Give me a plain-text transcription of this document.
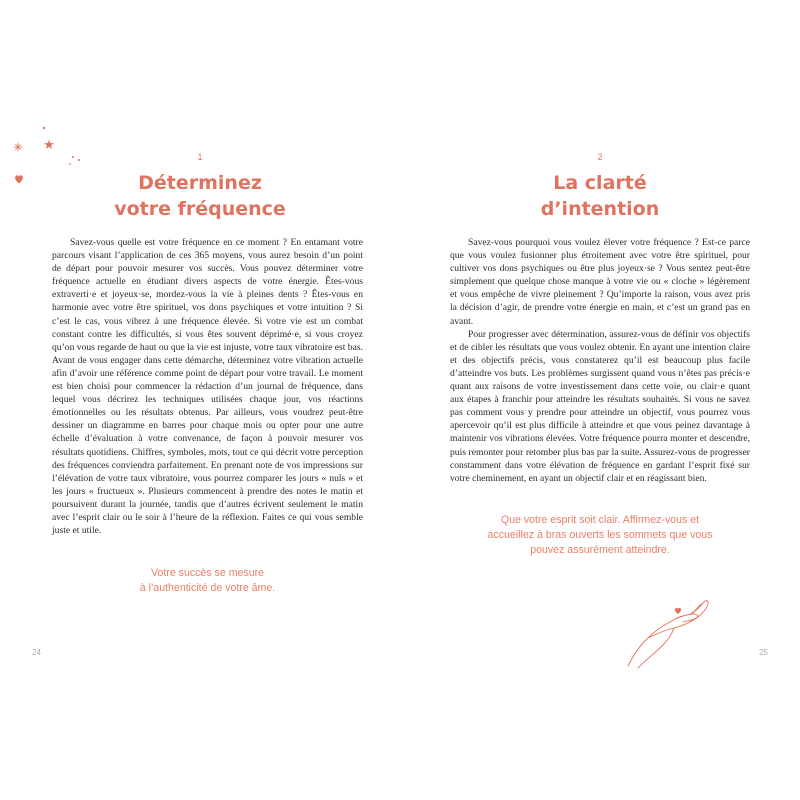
1
Déterminez
votre fréquence

Savez-vous quelle est votre fréquence en ce moment ? En entamant votre parcours visant l’application de ces 365 moyens, vous aurez besoin d’un point de départ pour pouvoir mesurer vos succès. Vous pouvez déterminer votre fréquence actuelle en étudiant divers aspects de votre énergie. Êtes-vous extraverti·e et joyeux·se, mordez-vous la vie à pleines dents ? Êtes-vous en harmonie avec votre être spirituel, vos dons psychiques et votre intuition ? Si c’est le cas, vous vibrez à une fréquence élevée. Si votre vie est un combat constant contre les difficultés, si vous êtes souvent déprimé·e, si vous croyez qu’on vous regarde de haut ou que la vie est injuste, votre taux vibratoire est bas. Avant de vous engager dans cette démarche, déterminez votre vibration actuelle afin d’avoir une référence comme point de départ pour votre travail. Le moment est bien choisi pour commencer la rédaction d’un journal de fréquence, dans lequel vous décrirez les techniques utilisées chaque jour, vos réactions émotionnelles ou les résultats obtenus. Par ailleurs, vous voudrez peut-être dessiner un diagramme en barres pour chaque mois ou opter pour une autre échelle d’évaluation à votre convenance, de façon à pouvoir mesurer vos résultats quotidiens. Chiffres, symboles, mots, tout ce qui décrit votre perception des fréquences conviendra parfaitement. En prenant note de vos impressions sur l’élévation de votre taux vibratoire, vous pourrez comparer les jours « nuls » et les jours « fructueux ». Plusieurs commencent à prendre des notes le matin et poursuivent durant la journée, tandis que d’autres écrivent seulement le matin avec l’esprit clair ou le soir à l’heure de la réflexion. Faites ce qui vous semble juste et utile.

Votre succès se mesure
à l’authenticité de votre âme.
24
2
La clarté
d’intention

Savez-vous pourquoi vous voulez élever votre fréquence ? Est-ce parce que vous voulez fusionner plus étroitement avec votre être spirituel, pour cultiver vos dons psychiques ou être plus joyeux·se ? Vous sentez peut-être simplement que quelque chose manque à votre vie ou « cloche » légèrement et vous empêche de vivre pleinement ? Qu’importe la raison, vous avez pris la décision d’agir, de prendre votre énergie en main, et c’est un grand pas en avant.

Pour progresser avec détermination, assurez-vous de définir vos objectifs et de cibler les résultats que vous voulez obtenir. En ayant une intention claire et des objectifs précis, vous constaterez qu’il est beaucoup plus facile d’atteindre vos buts. Les problèmes surgissent quand vous n’êtes pas précis·e quant aux raisons de votre investissement dans cette voie, ou clair·e quant aux étapes à franchir pour atteindre les résultats souhaités. Si vous ne savez pas comment vous y prendre pour atteindre un objectif, vous pourrez vous apercevoir qu’il est plus difficile à atteindre et que vous peinez davantage à maintenir vos vibrations élevées. Votre fréquence pourra monter et descendre, puis remonter pour retomber plus bas par la suite. Assurez-vous de progresser constamment dans votre élévation de fréquence en gardant l’esprit fixé sur votre cheminement, en ayant un objectif clair et en réagissant bien.

Que votre esprit soit clair. Affirmez-vous et
accueillez à bras ouverts les sommets que vous
pouvez assurément atteindre.
25
